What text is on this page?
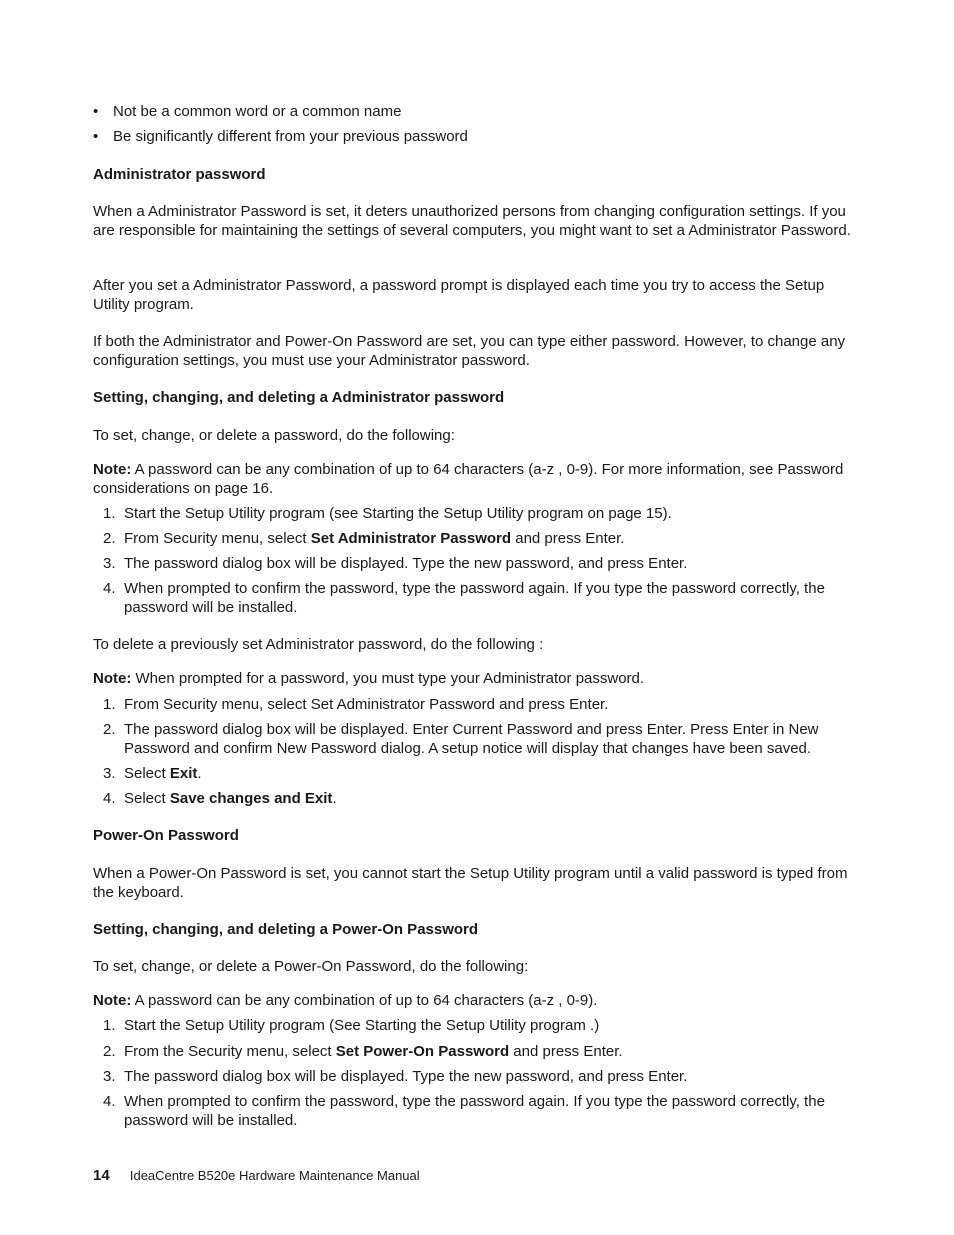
• Not be a common word or a common name
• Be significantly different from your previous password

Administrator password

When a Administrator Password is set, it deters unauthorized persons from changing configuration settings. If you are responsible for maintaining the settings of several computers, you might want to set a Administrator Password.

After you set a Administrator Password, a password prompt is displayed each time you try to access the Setup Utility program.

If both the Administrator and Power-On Password are set, you can type either password. However, to change any configuration settings, you must use your Administrator password.

Setting, changing, and deleting a Administrator password

To set, change, or delete a password, do the following:

Note: A password can be any combination of up to 64 characters (a-z , 0-9). For more information, see Password considerations on page 16.

1. Start the Setup Utility program (see Starting the Setup Utility program on page 15).
2. From Security menu, select Set Administrator Password and press Enter.
3. The password dialog box will be displayed. Type the new password, and press Enter.
4. When prompted to confirm the password, type the password again. If you type the password correctly, the password will be installed.

To delete a previously set Administrator password, do the following :

Note: When prompted for a password, you must type your Administrator password.

1. From Security menu, select Set Administrator Password and press Enter.
2. The password dialog box will be displayed. Enter Current Password and press Enter. Press Enter in New Password and confirm New Password dialog. A setup notice will display that changes have been saved.
3. Select Exit.
4. Select Save changes and Exit.

Power-On Password

When a Power-On Password is set, you cannot start the Setup Utility program until a valid password is typed from the keyboard.

Setting, changing, and deleting a Power-On Password

To set, change, or delete a Power-On Password, do the following:

Note: A password can be any combination of up to 64 characters (a-z , 0-9).

1. Start the Setup Utility program (See Starting the Setup Utility program .)
2. From the Security menu, select Set Power-On Password and press Enter.
3. The password dialog box will be displayed. Type the new password, and press Enter.
4. When prompted to confirm the password, type the password again. If you type the password correctly, the password will be installed.
14 IdeaCentre B520e Hardware Maintenance Manual
